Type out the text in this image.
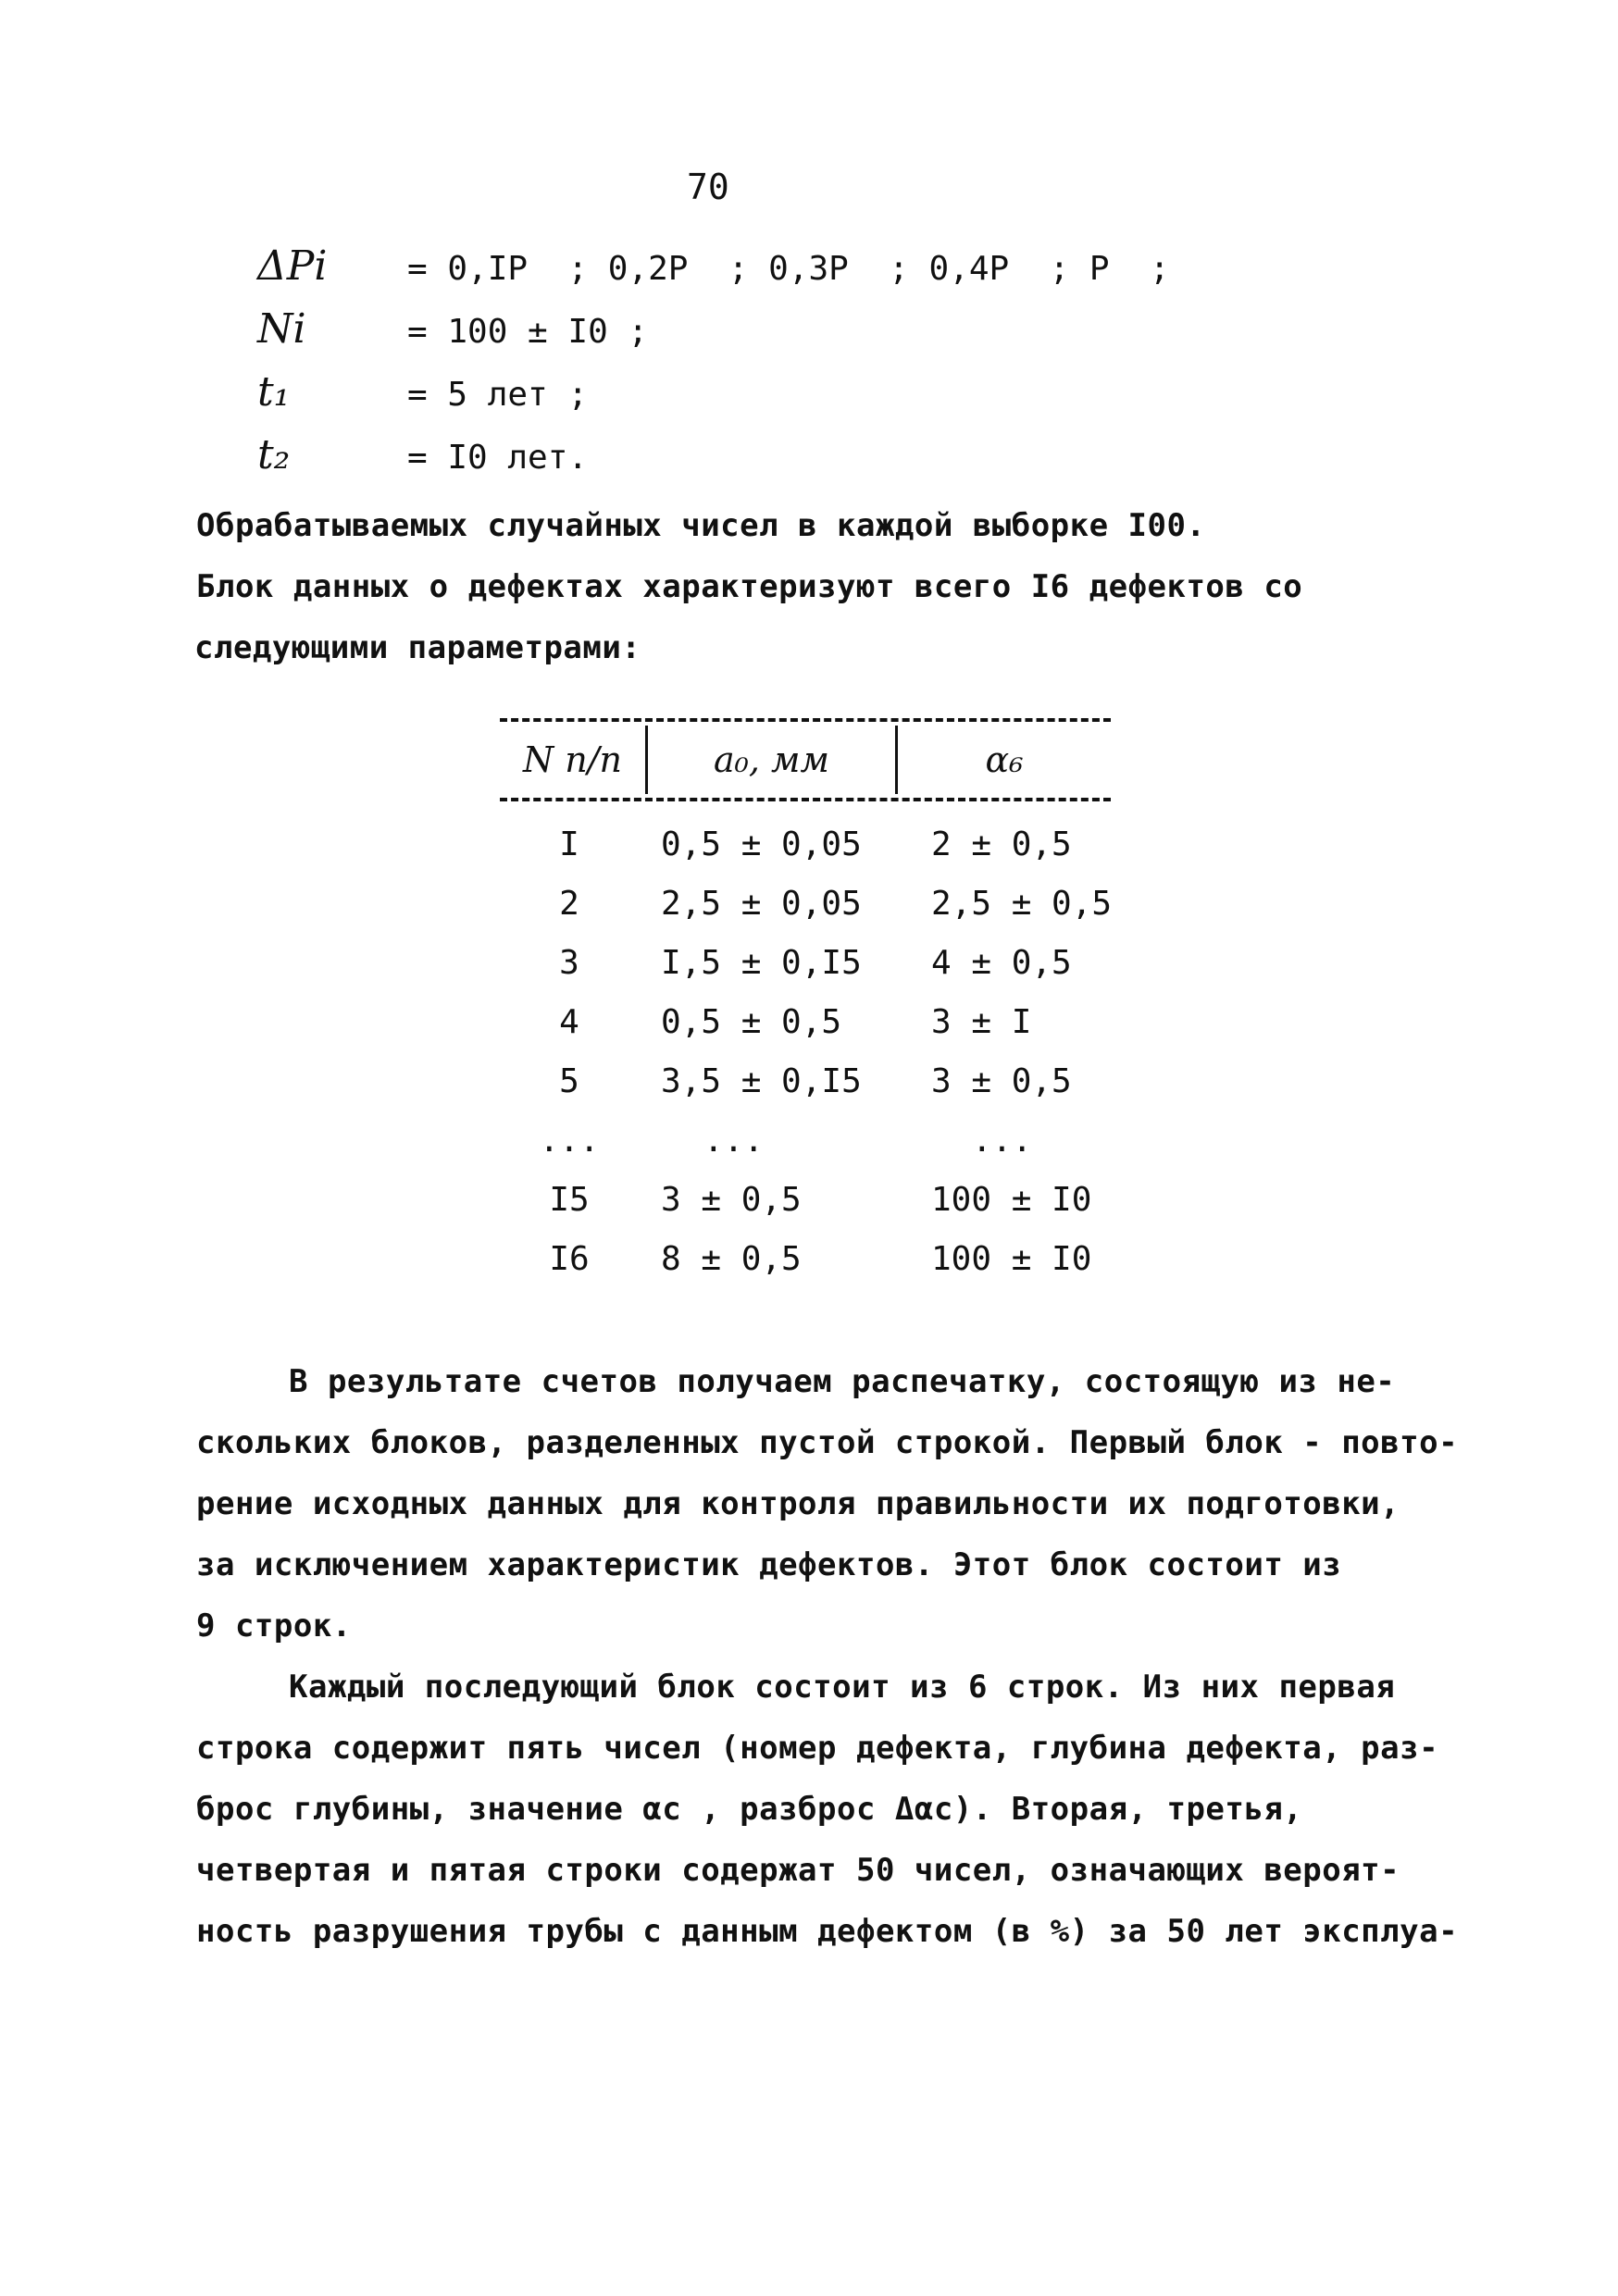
70
ΔPi	= 0,IP  ; 0,2P  ; 0,3P  ; 0,4P  ; P  ;
Ni	= 100 ± I0 ;
t₁	= 5 лет ;
t₂	= I0 лет.
Обрабатываемых случайных чисел в каждой выборке I00.
Блок данных о дефектах характеризуют всего I6 дефектов со
следующими параметрами:
N п/п	a₀, мм	α₆
I	0,5 ± 0,05	2 ± 0,5
2	2,5 ± 0,05	2,5 ± 0,5
3	I,5 ± 0,I5	4 ± 0,5
4	0,5 ± 0,5	3 ± I
5	3,5 ± 0,I5	3 ± 0,5
...	...	...
I5	3 ± 0,5	100 ± I0
I6	8 ± 0,5	100 ± I0
В результате счетов получаем распечатку, состоящую из не-
скольких блоков, разделенных пустой строкой. Первый блок - повто-
рение исходных данных для контроля правильности их подготовки,
за исключением характеристик дефектов. Этот блок состоит из
9 строк.
Каждый последующий блок состоит из 6 строк. Из них первая
строка содержит пять чисел (номер дефекта, глубина дефекта, раз-
брос глубины, значение αc , разброс Δαc). Вторая, третья,
четвертая и пятая строки содержат 50 чисел, означающих вероят-
ность разрушения трубы с данным дефектом (в %) за 50 лет эксплуа-
